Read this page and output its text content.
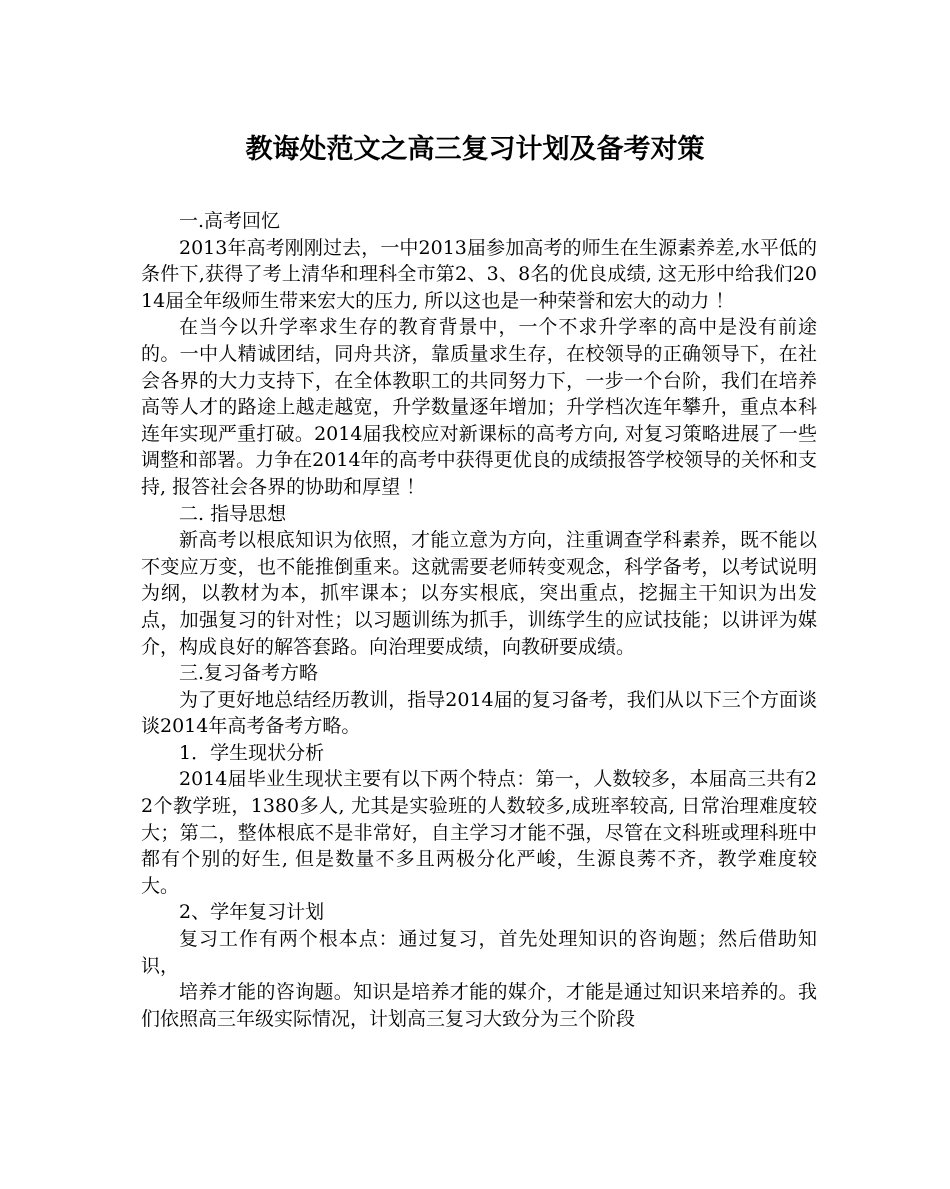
教诲处范文之高三复习计划及备考对策

一.高考回忆

2013年高考刚刚过去，一中2013届参加高考的师生在生源素养差,水平低的条件下,获得了考上清华和理科全市第2、3、8名的优良成绩, 这无形中给我们2014届全年级师生带来宏大的压力, 所以这也是一种荣誉和宏大的动力 ！

在当今以升学率求生存的教育背景中，一个不求升学率的高中是没有前途的。一中人精诚团结，同舟共济，靠质量求生存，在校领导的正确领导下，在社会各界的大力支持下，在全体教职工的共同努力下，一步一个台阶，我们在培养高等人才的路途上越走越宽，升学数量逐年增加；升学档次连年攀升，重点本科连年实现严重打破。2014届我校应对新课标的高考方向, 对复习策略进展了一些调整和部署。力争在2014年的高考中获得更优良的成绩报答学校领导的关怀和支持, 报答社会各界的协助和厚望 ！

二. 指导思想

新高考以根底知识为依照，才能立意为方向，注重调查学科素养，既不能以不变应万变，也不能推倒重来。这就需要老师转变观念，科学备考，以考试说明为纲，以教材为本，抓牢课本；以夯实根底，突出重点，挖掘主干知识为出发点，加强复习的针对性；以习题训练为抓手，训练学生的应试技能；以讲评为媒介，构成良好的解答套路。向治理要成绩，向教研要成绩。

三.复习备考方略

为了更好地总结经历教训，指导2014届的复习备考，我们从以下三个方面谈谈2014年高考备考方略。

1．学生现状分析

2014届毕业生现状主要有以下两个特点：第一，人数较多，本届高三共有22个教学班，1380多人, 尤其是实验班的人数较多,成班率较高, 日常治理难度较大；第二，整体根底不是非常好，自主学习才能不强，尽管在文科班或理科班中都有个别的好生, 但是数量不多且两极分化严峻，生源良莠不齐，教学难度较大。

2、学年复习计划

复习工作有两个根本点：通过复习，首先处理知识的咨询题；然后借助知识，

培养才能的咨询题。知识是培养才能的媒介，才能是通过知识来培养的。我们依照高三年级实际情况，计划高三复习大致分为三个阶段
